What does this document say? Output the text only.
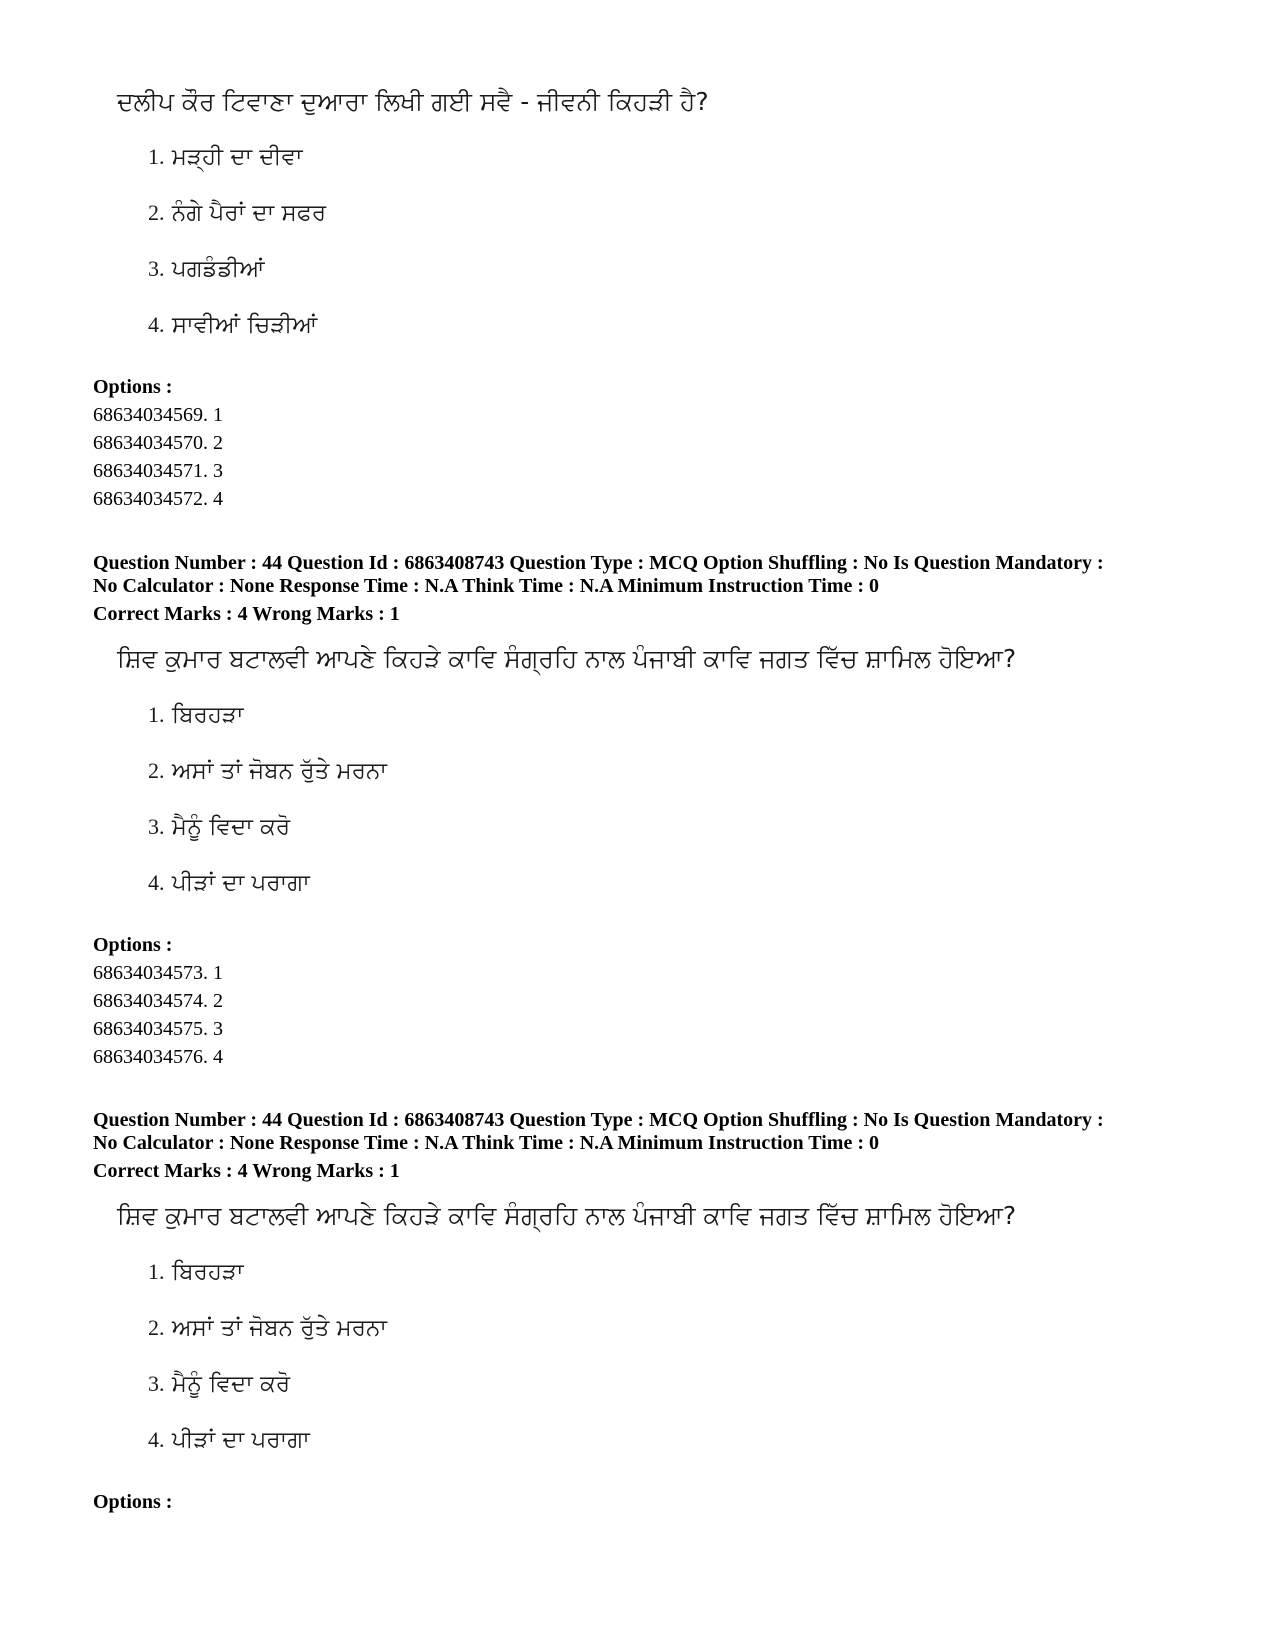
ਦਲੀਪ ਕੌਰ ਟਿਵਾਣਾ ਦੁਆਰਾ ਲਿਖੀ ਗਈ ਸਵੈ - ਜੀਵਨੀ ਕਿਹੜੀ ਹੈ?
1. ਮੜ੍ਹੀ ਦਾ ਦੀਵਾ
2. ਨੰਗੇ ਪੈਰਾਂ ਦਾ ਸਫਰ
3. ਪਗਡੰਡੀਆਂ
4. ਸਾਵੀਆਂ ਚਿੜੀਆਂ
Options :
68634034569. 1
68634034570. 2
68634034571. 3
68634034572. 4
Question Number : 44 Question Id : 6863408743 Question Type : MCQ Option Shuffling : No Is Question Mandatory :
No Calculator : None Response Time : N.A Think Time : N.A Minimum Instruction Time : 0
Correct Marks : 4 Wrong Marks : 1
ਸ਼ਿਵ ਕੁਮਾਰ ਬਟਾਲਵੀ ਆਪਣੇ ਕਿਹੜੇ ਕਾਵਿ ਸੰਗ੍ਰਹਿ ਨਾਲ ਪੰਜਾਬੀ ਕਾਵਿ ਜਗਤ ਵਿੱਚ ਸ਼ਾਮਿਲ ਹੋਇਆ?
1. ਬਿਰਹੜਾ
2. ਅਸਾਂ ਤਾਂ ਜੋਬਨ ਰੁੱਤੇ ਮਰਨਾ
3. ਮੈਨੂੰ ਵਿਦਾ ਕਰੋ
4. ਪੀੜਾਂ ਦਾ ਪਰਾਗਾ
Options :
68634034573. 1
68634034574. 2
68634034575. 3
68634034576. 4
Question Number : 44 Question Id : 6863408743 Question Type : MCQ Option Shuffling : No Is Question Mandatory :
No Calculator : None Response Time : N.A Think Time : N.A Minimum Instruction Time : 0
Correct Marks : 4 Wrong Marks : 1
ਸ਼ਿਵ ਕੁਮਾਰ ਬਟਾਲਵੀ ਆਪਣੇ ਕਿਹੜੇ ਕਾਵਿ ਸੰਗ੍ਰਹਿ ਨਾਲ ਪੰਜਾਬੀ ਕਾਵਿ ਜਗਤ ਵਿੱਚ ਸ਼ਾਮਿਲ ਹੋਇਆ?
1. ਬਿਰਹੜਾ
2. ਅਸਾਂ ਤਾਂ ਜੋਬਨ ਰੁੱਤੇ ਮਰਨਾ
3. ਮੈਨੂੰ ਵਿਦਾ ਕਰੋ
4. ਪੀੜਾਂ ਦਾ ਪਰਾਗਾ
Options :
